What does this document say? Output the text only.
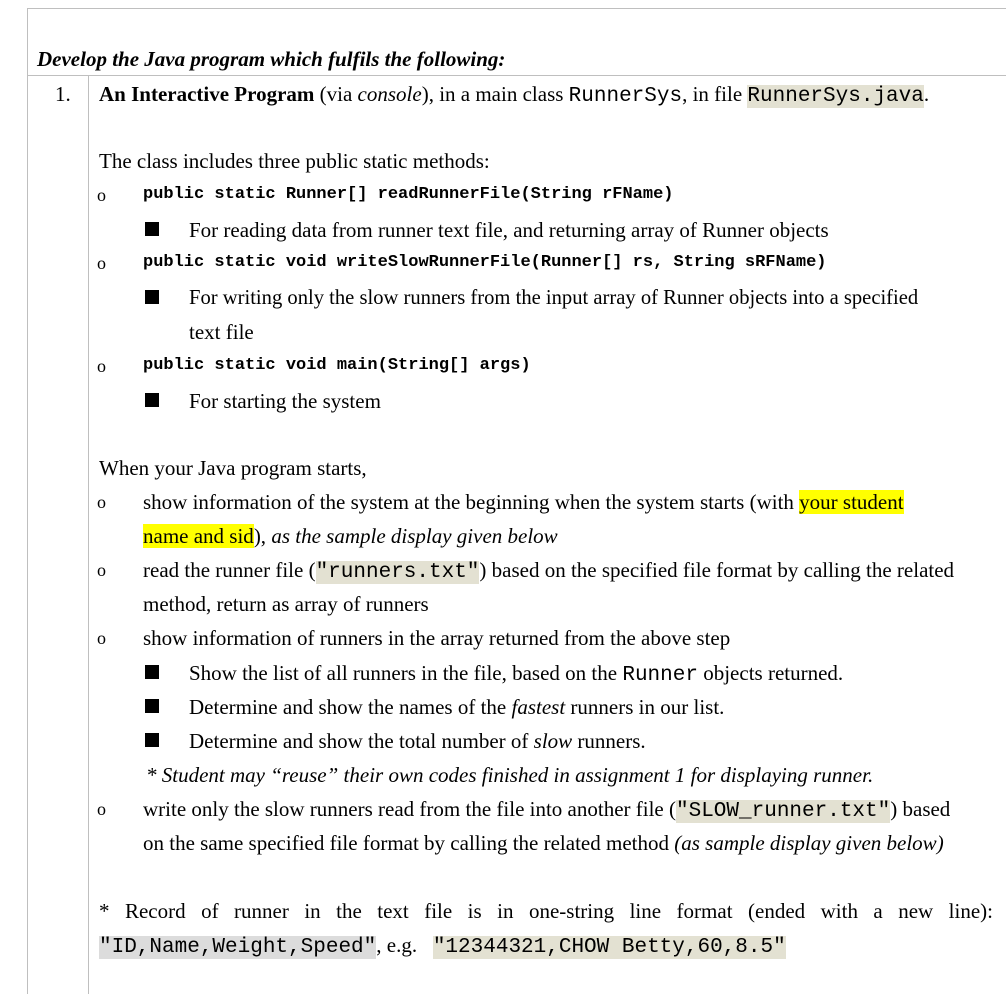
Develop the Java program which fulfils the following:
1. An Interactive Program (via console), in a main class RunnerSys, in file RunnerSys.java.
The class includes three public static methods:
o public static Runner[] readRunnerFile(String rFName)
For reading data from runner text file, and returning array of Runner objects
o public static void writeSlowRunnerFile(Runner[] rs, String sRFName)
For writing only the slow runners from the input array of Runner objects into a specified
text file
o public static void main(String[] args)
For starting the system
When your Java program starts,
o show information of the system at the beginning when the system starts (with your student
name and sid), as the sample display given below
o read the runner file ("runners.txt") based on the specified file format by calling the related
method, return as array of runners
o show information of runners in the array returned from the above step
Show the list of all runners in the file, based on the Runner objects returned.
Determine and show the names of the fastest runners in our list.
Determine and show the total number of slow runners.
* Student may “reuse” their own codes finished in assignment 1 for displaying runner.
o write only the slow runners read from the file into another file ("SLOW_runner.txt") based
on the same specified file format by calling the related method (as sample display given below)
* Record of runner in the text file is in one-string line format (ended with a new line):
"ID,Name,Weight,Speed", e.g. "12344321,CHOW Betty,60,8.5"
